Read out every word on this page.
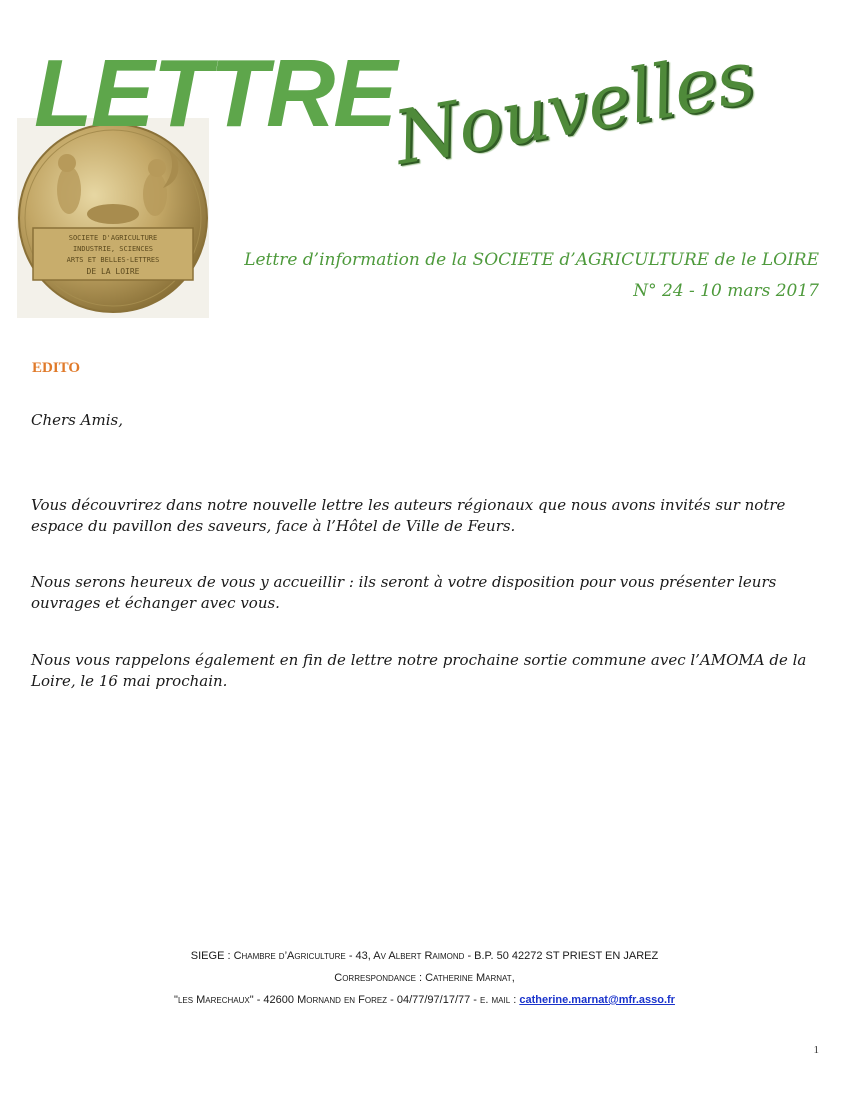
SOCIETE D'AGRICULTURE
INDUSTRIE, SCIENCES
ARTS ET BELLES-LETTRES
DE LA LOIRE
LETTRE
Nouvelles

Lettre d’information de la SOCIETE d’AGRICULTURE de le LOIRE

N° 24 - 10 mars 2017

EDITO

Chers Amis,

Vous découvrirez dans notre nouvelle lettre les auteurs régionaux que nous avons invités sur notre espace du pavillon des saveurs, face à l’Hôtel de Ville de Feurs.

Nous serons heureux de vous y accueillir : ils seront à votre disposition pour vous présenter leurs ouvrages et échanger avec vous.

Nous vous rappelons également en fin de lettre notre prochaine sortie commune avec l’AMOMA de la Loire, le 16 mai prochain.

SIEGE : Chambre d’Agriculture - 43, Av Albert Raimond - B.P. 50 42272 ST PRIEST EN JAREZ

Correspondance : Catherine Marnat,

"les Marechaux" - 42600 Mornand en Forez - 04/77/97/17/77 - e. mail : catherine.marnat@mfr.asso.fr

1
